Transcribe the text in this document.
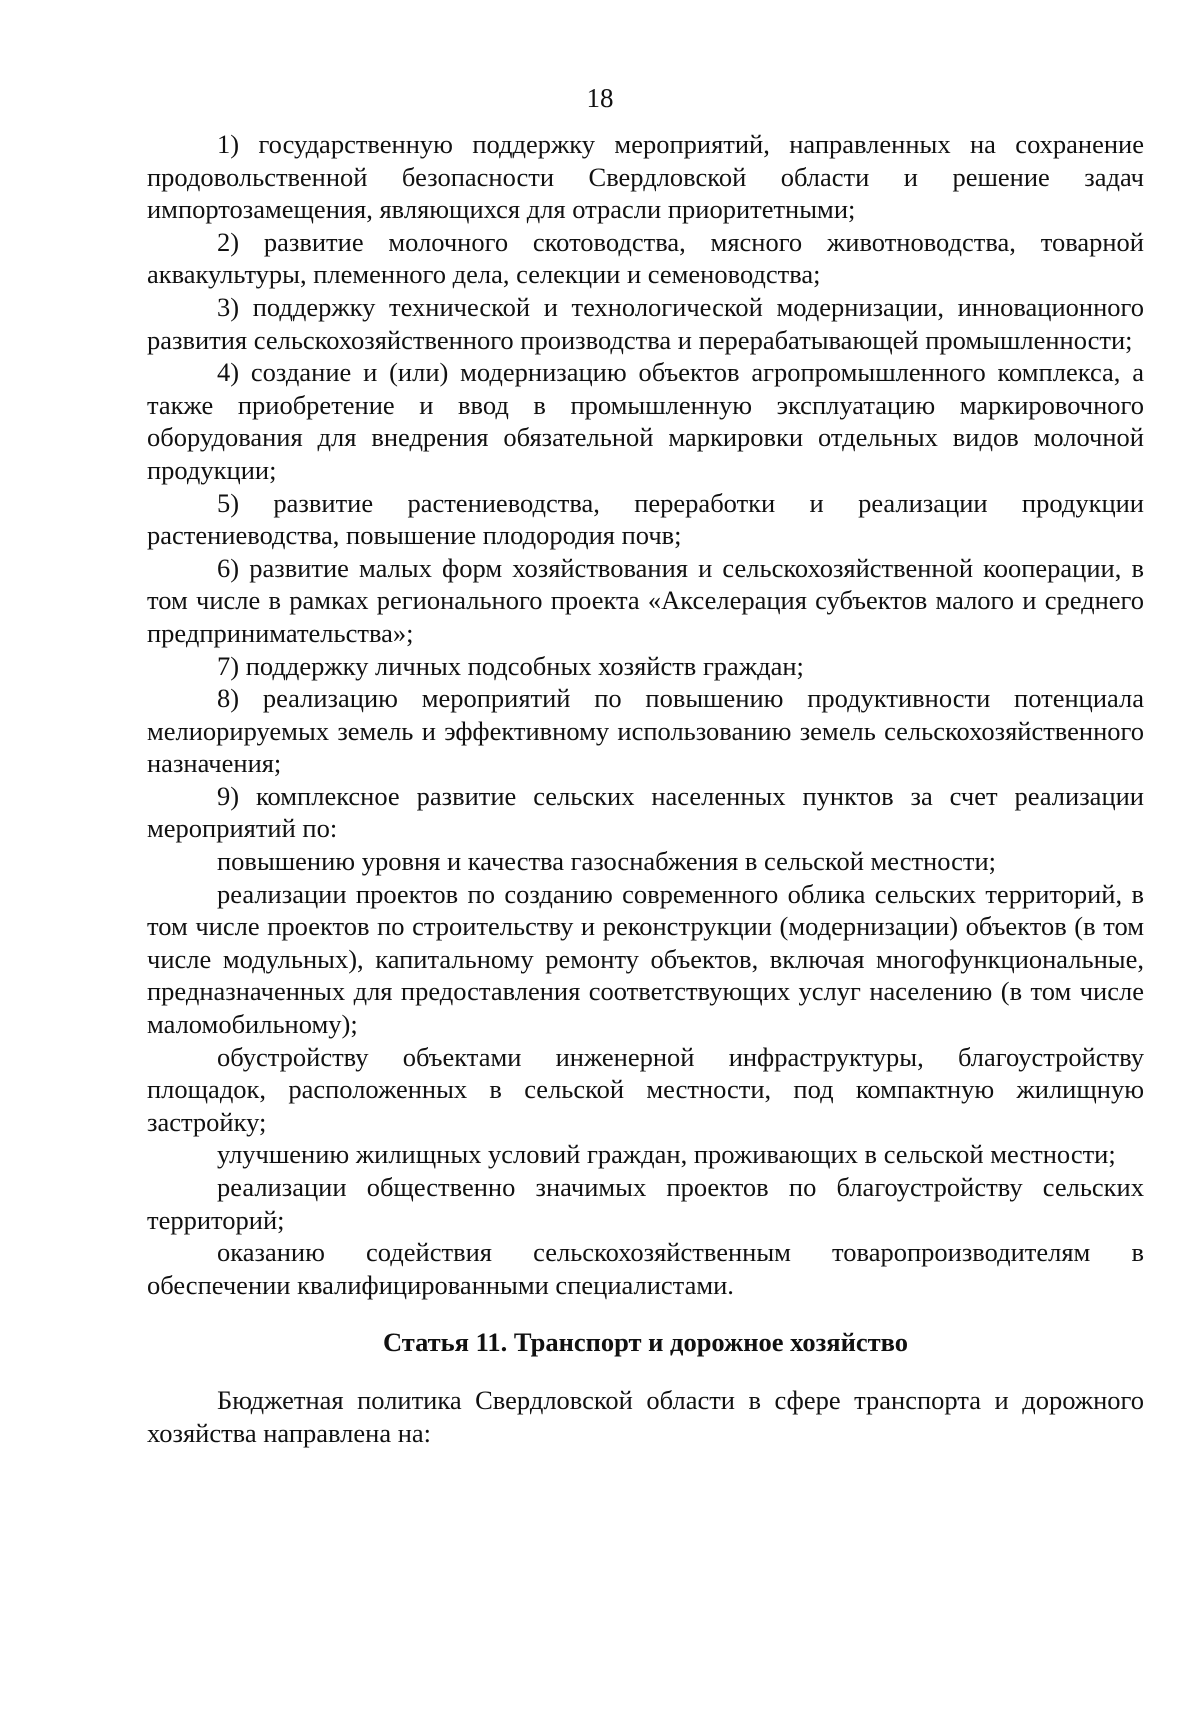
18

1) государственную поддержку мероприятий, направленных на сохранение продовольственной безопасности Свердловской области и решение задач импортозамещения, являющихся для отрасли приоритетными;

2) развитие молочного скотоводства, мясного животноводства, товарной аквакультуры, племенного дела, селекции и семеноводства;

3) поддержку технической и технологической модернизации, инновационного развития сельскохозяйственного производства и перерабатывающей промышленности;

4) создание и (или) модернизацию объектов агропромышленного комплекса, а также приобретение и ввод в промышленную эксплуатацию маркировочного оборудования для внедрения обязательной маркировки отдельных видов молочной продукции;

5) развитие растениеводства, переработки и реализации продукции растениеводства, повышение плодородия почв;

6) развитие малых форм хозяйствования и сельскохозяйственной кооперации, в том числе в рамках регионального проекта «Акселерация субъектов малого и среднего предпринимательства»;

7) поддержку личных подсобных хозяйств граждан;

8) реализацию мероприятий по повышению продуктивности потенциала мелиорируемых земель и эффективному использованию земель сельскохозяйственного назначения;

9) комплексное развитие сельских населенных пунктов за счет реализации мероприятий по:

повышению уровня и качества газоснабжения в сельской местности;

реализации проектов по созданию современного облика сельских территорий, в том числе проектов по строительству и реконструкции (модернизации) объектов (в том числе модульных), капитальному ремонту объектов, включая многофункциональные, предназначенных для предоставления соответствующих услуг населению (в том числе маломобильному);

обустройству объектами инженерной инфраструктуры, благоустройству площадок, расположенных в сельской местности, под компактную жилищную застройку;

улучшению жилищных условий граждан, проживающих в сельской местности;

реализации общественно значимых проектов по благоустройству сельских территорий;

оказанию содействия сельскохозяйственным товаропроизводителям в обеспечении квалифицированными специалистами.

Статья 11. Транспорт и дорожное хозяйство

Бюджетная политика Свердловской области в сфере транспорта и дорожного хозяйства направлена на:
